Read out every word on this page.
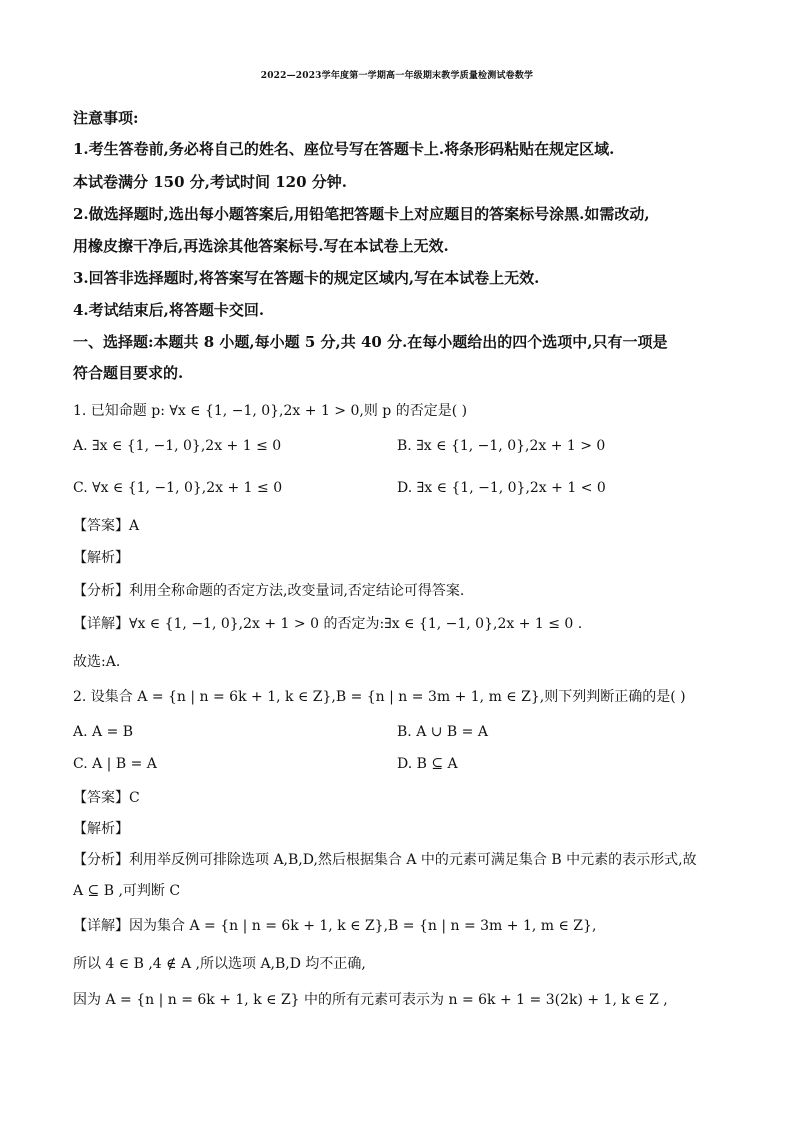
2022—2023学年度第一学期高一年级期末教学质量检测试卷数学
注意事项:
1.考生答卷前,务必将自己的姓名、座位号写在答题卡上.将条形码粘贴在规定区域.
本试卷满分 150 分,考试时间 120 分钟.
2.做选择题时,选出每小题答案后,用铅笔把答题卡上对应题目的答案标号涂黑.如需改动,
用橡皮擦干净后,再选涂其他答案标号.写在本试卷上无效.
3.回答非选择题时,将答案写在答题卡的规定区域内,写在本试卷上无效.
4.考试结束后,将答题卡交回.
一、选择题:本题共 8 小题,每小题 5 分,共 40 分.在每小题给出的四个选项中,只有一项是
符合题目要求的.
1. 已知命题 p: ∀x ∈ {1, −1, 0},2x + 1 > 0,则 p 的否定是( )
A. ∃x ∈ {1, −1, 0},2x + 1 ≤ 0	B. ∃x ∈ {1, −1, 0},2x + 1 > 0
C. ∀x ∈ {1, −1, 0},2x + 1 ≤ 0	D. ∃x ∈ {1, −1, 0},2x + 1 < 0
【答案】A
【解析】
【分析】利用全称命题的否定方法,改变量词,否定结论可得答案.
【详解】∀x ∈ {1, −1, 0},2x + 1 > 0 的否定为:∃x ∈ {1, −1, 0},2x + 1 ≤ 0 .
故选:A.
2. 设集合 A = {n | n = 6k + 1, k ∈ Z},B = {n | n = 3m + 1, m ∈ Z},则下列判断正确的是( )
A. A = B	B. A ∪ B = A
C. A | B = A	D. B ⊆ A
【答案】C
【解析】
【分析】利用举反例可排除选项 A,B,D,然后根据集合 A 中的元素可满足集合 B 中元素的表示形式,故
A ⊆ B ,可判断 C
【详解】因为集合 A = {n | n = 6k + 1, k ∈ Z},B = {n | n = 3m + 1, m ∈ Z},
所以 4 ∈ B ,4 ∉ A ,所以选项 A,B,D 均不正确,
因为 A = {n | n = 6k + 1, k ∈ Z} 中的所有元素可表示为 n = 6k + 1 = 3(2k) + 1, k ∈ Z ,
